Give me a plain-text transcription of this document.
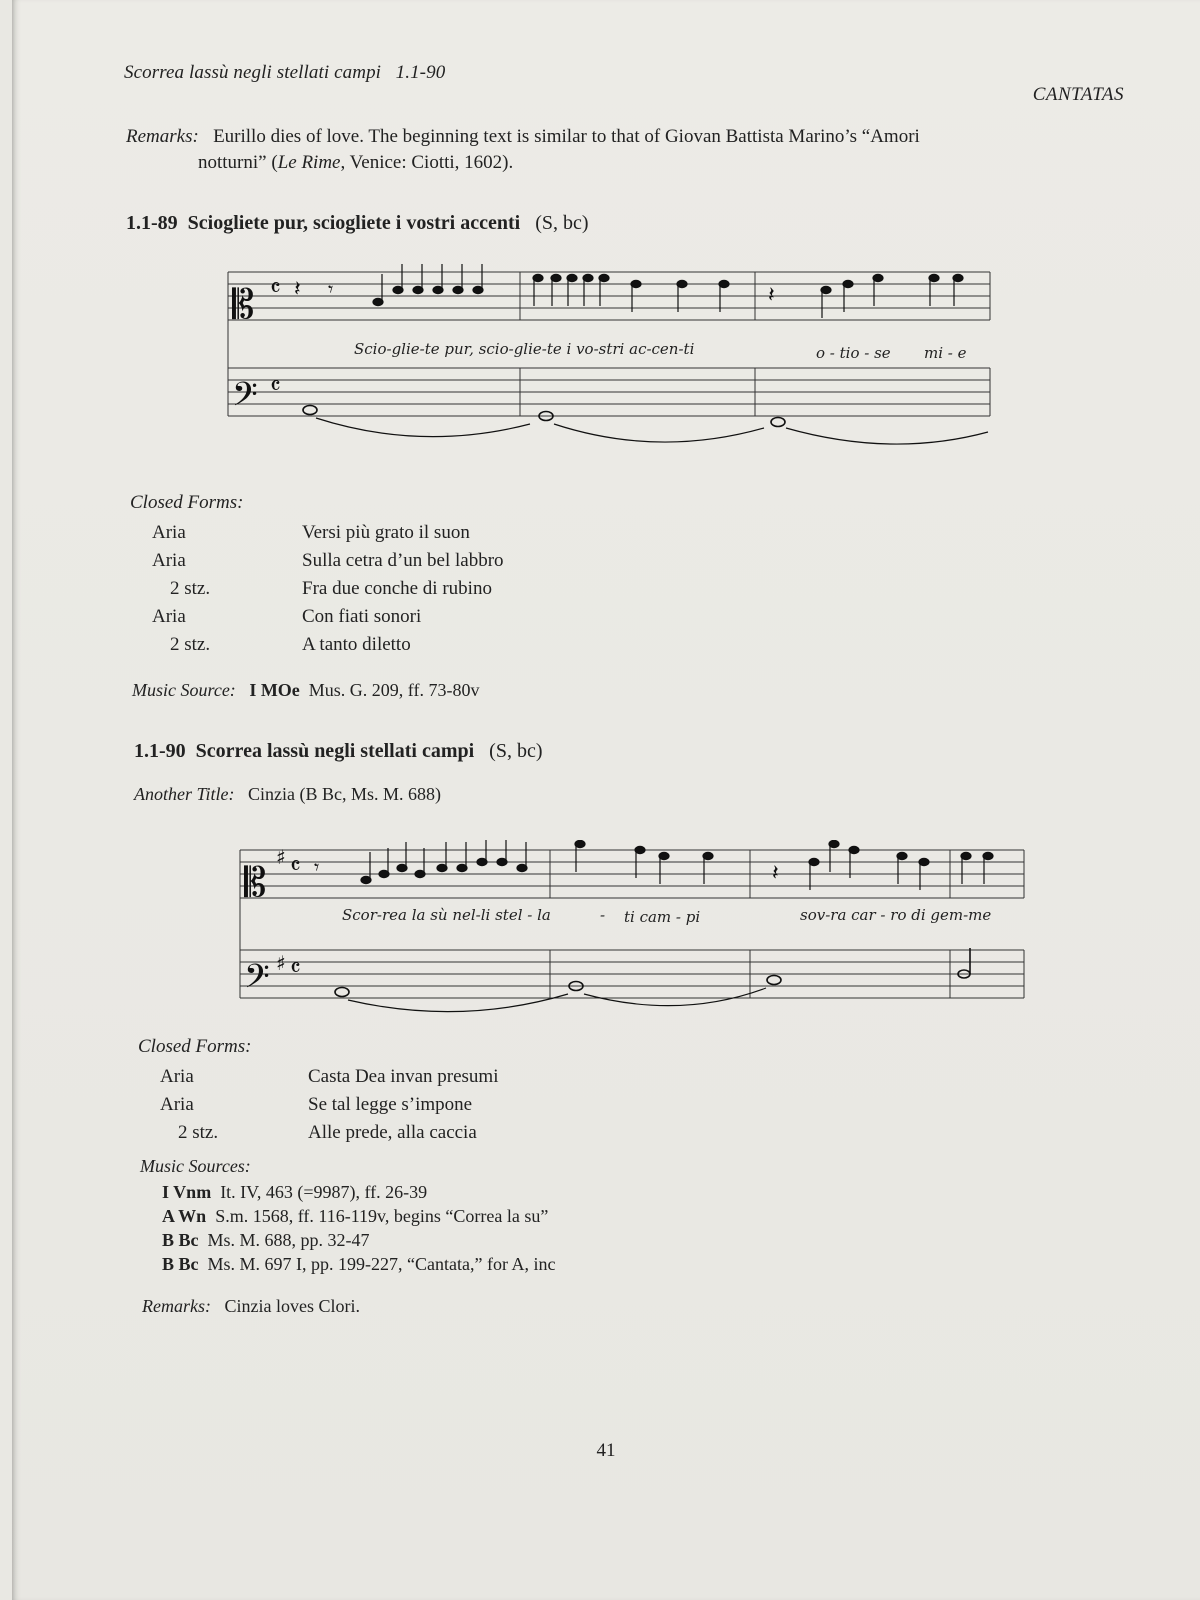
Scorrea lassù negli stellati campi 1.1-90
CANTATAS
Remarks: Eurillo dies of love. The beginning text is similar to that of Giovan Battista Marino’s “Amori
notturni” (Le Rime, Venice: Ciotti, 1602).
1.1-89 Sciogliete pur, sciogliete i vostri accenti (S, bc)
𝄡 𝄴 𝄽 𝄾
𝄢 𝄴
𝄽
Scio-glie-te pur, scio-glie-te i vo-stri ac-cen-ti	o - tio - se mi - e
Closed Forms:
Aria	Versi più grato il suon
Aria	Sulla cetra d’un bel labbro
2 stz.	Fra due conche di rubino
Aria	Con fiati sonori
2 stz.	A tanto diletto
Music Source: I MOe Mus. G. 209, ff. 73-80v
1.1-90 Scorrea lassù negli stellati campi (S, bc)
Another Title: Cinzia (B Bc, Ms. M. 688)
𝄡
♯ 𝄴 𝄾
𝄢 ♯ 𝄴
𝄽
Scor-rea la sù nel-li stel - la	- ti cam - pi	sov-ra car - ro di gem-me
Closed Forms:
Aria	Casta Dea invan presumi
Aria	Se tal legge s’impone
2 stz.	Alle prede, alla caccia
Music Sources:
I Vnm It. IV, 463 (=9987), ff. 26-39
A Wn S.m. 1568, ff. 116-119v, begins “Correa la su”
B Bc Ms. M. 688, pp. 32-47
B Bc Ms. M. 697 I, pp. 199-227, “Cantata,” for A, inc
Remarks: Cinzia loves Clori.
41
